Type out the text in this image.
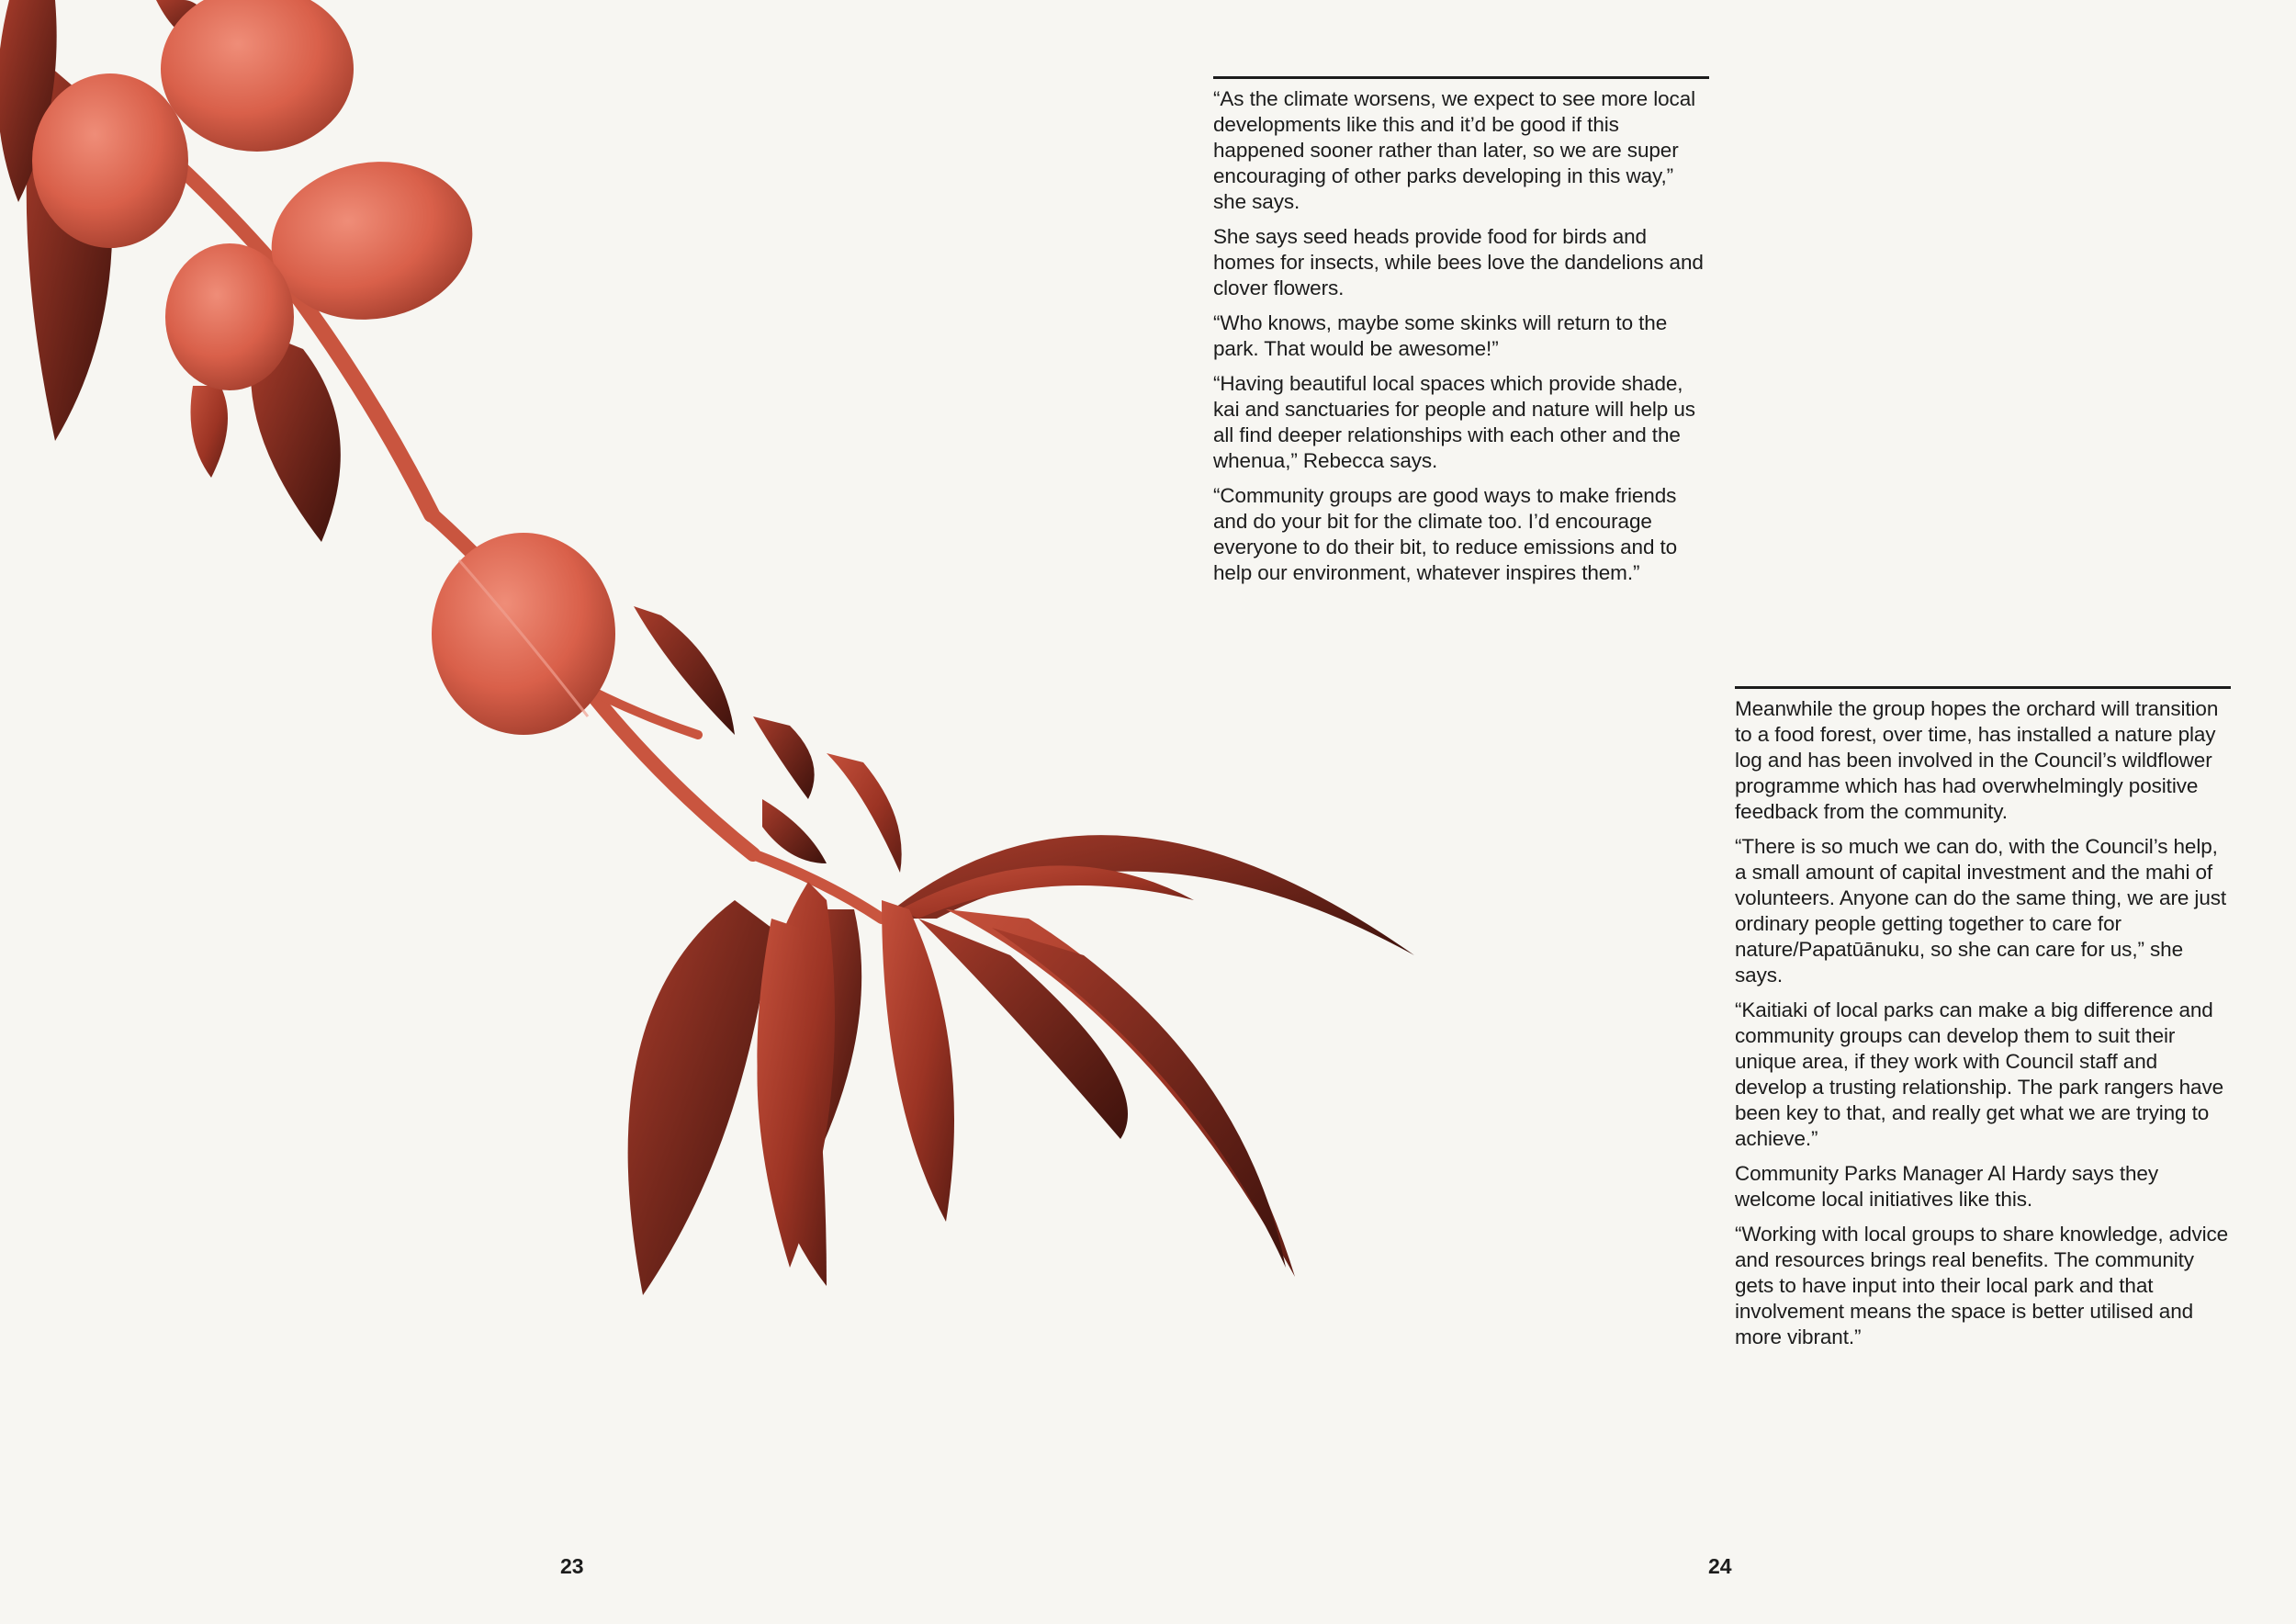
“As the climate worsens, we expect to see more local developments like this and it’d be good if this happened sooner rather than later, so we are super encouraging of other parks developing in this way,” she says.

She says seed heads provide food for birds and homes for insects, while bees love the dandelions and clover flowers.

“Who knows, maybe some skinks will return to the park. That would be awesome!”

“Having beautiful local spaces which provide shade, kai and sanctuaries for people and nature will help us all find deeper relationships with each other and the whenua,” Rebecca says.

“Community groups are good ways to make friends and do your bit for the climate too. I’d encourage everyone to do their bit, to reduce emissions and to help our environment, whatever inspires them.”

Meanwhile the group hopes the orchard will transition to a food forest, over time, has installed a nature play log and has been involved in the Council’s wildflower programme which has had overwhelmingly positive feedback from the community.

“There is so much we can do, with the Council’s help, a small amount of capital investment and the mahi of volunteers. Anyone can do the same thing, we are just ordinary people getting together to care for nature/Papatūānuku, so she can care for us,” she says.

“Kaitiaki of local parks can make a big difference and community groups can develop them to suit their unique area, if they work with Council staff and develop a trusting relationship. The park rangers have been key to that, and really get what we are trying to achieve.”

Community Parks Manager Al Hardy says they welcome local initiatives like this.

“Working with local groups to share knowledge, advice and resources brings real benefits. The community gets to have input into their local park and that involvement means the space is better utilised and more vibrant.”

23	24
